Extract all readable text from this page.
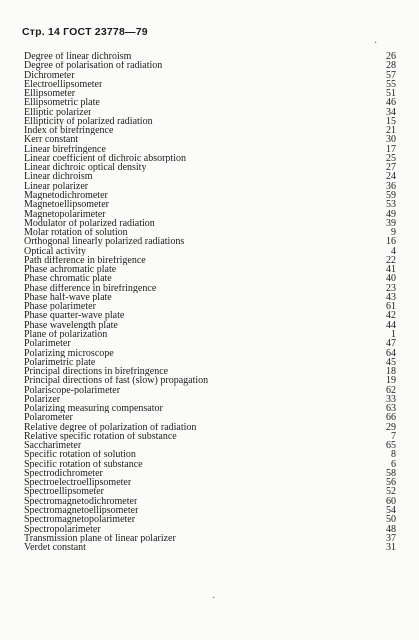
Стр. 14 ГОСТ 23778—79
·
Degree of linear dichroism	26
Degree of polarisation of radiation	28
Dichrometer	57
Electroellipsometer	55
Ellipsometer	51
Ellipsometric plate	46
Elliptic polarizer	34
Ellipticity of polarized radiation	15
Index of birefringence	21
Kerr constant	30
Linear birefringence	17
Linear coefficient of dichroic absorption	25
Linear dichroic optical density	27
Linear dichroism	24
Linear polarizer	36
Magnetodichrometer	59
Magnetoellipsometer	53
Magnetopolarimeter	49
Modulator of polarized radiation	39
Molar rotation of solution	9
Orthogonal linearly polarized radiations	16
Optical activity	4
Path difference in birefrigence	22
Phase achromatic plate	41
Phase chromatic plate	40
Phase difference in birefringence	23
Phase half-wave plate	43
Phase polarimeter	61
Phase quarter-wave plate	42
Phase wavelength plate	44
Plane of polarization	1
Polarimeter	47
Polarizing microscope	64
Polarimetric plate	45
Principal directions in birefringence	18
Principal directions of fast (slow) propagation	19
Polariscope-polarimeter	62
Polarizer	33
Polarizing measuring compensator	63
Polarometer	66
Relative degree of polarization of radiation	29
Relative specific rotation of substance	7
Saccharimeter	65
Specific rotation of solution	8
Specific rotation of substance	6
Spectrodichrometer	58
Spectroelectroellipsometer	56
Spectroellipsometer	52
Spectromagnetodichrometer	60
Spectromagnetoellipsometer	54
Spectromagnetopolarimeter	50
Spectropolarimeter	48
Transmission plane of linear polarizer	37
Verdet constant	31
·
